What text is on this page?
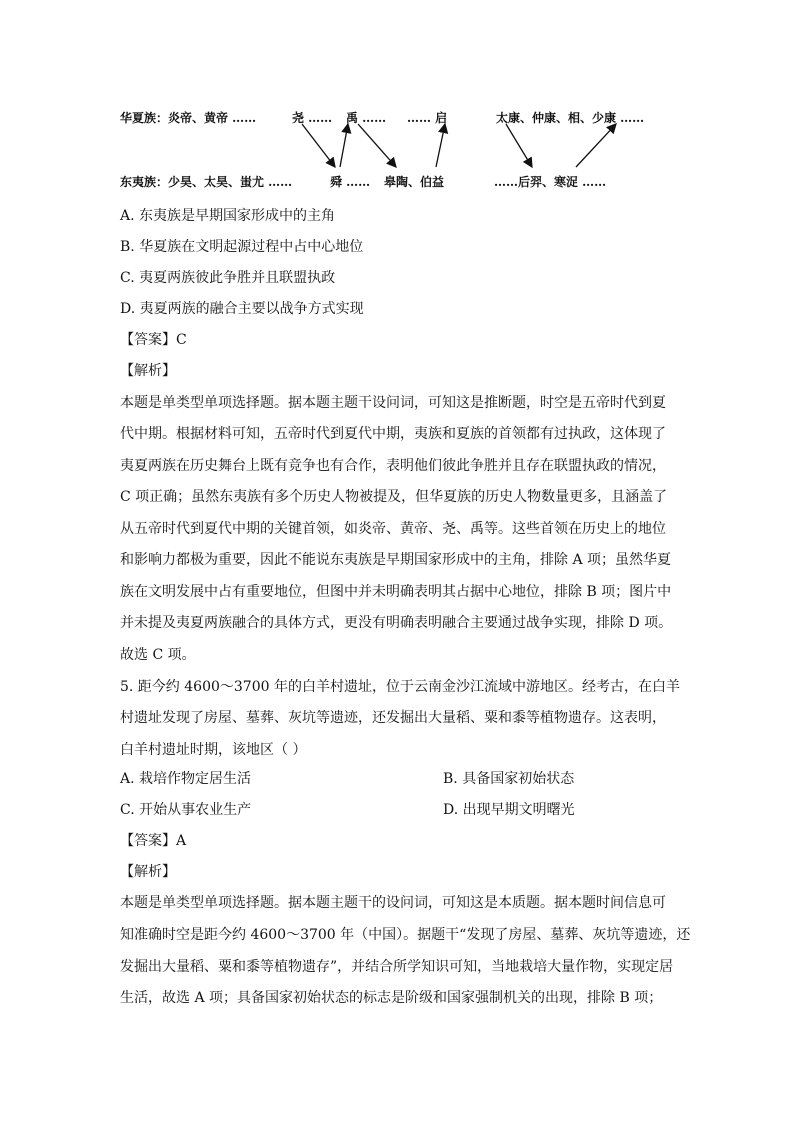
华夏族： 炎帝、黄帝 ……	尧 …… 禹 …… …… 启	太康、仲康、相、少康 ……
东夷族： 少昊、太昊、蚩尤 ……	舜 …… 皋陶、伯益	……后羿、寒浞 ……
A. 东夷族是早期国家形成中的主角
B. 华夏族在文明起源过程中占中心地位
C. 夷夏两族彼此争胜并且联盟执政
D. 夷夏两族的融合主要以战争方式实现
【答案】C
【解析】
本题是单类型单项选择题。据本题主题干设问词，可知这是推断题，时空是五帝时代到夏
代中期。根据材料可知，五帝时代到夏代中期，夷族和夏族的首领都有过执政，这体现了
夷夏两族在历史舞台上既有竞争也有合作，表明他们彼此争胜并且存在联盟执政的情况，
C 项正确；虽然东夷族有多个历史人物被提及，但华夏族的历史人物数量更多，且涵盖了
从五帝时代到夏代中期的关键首领，如炎帝、黄帝、尧、禹等。这些首领在历史上的地位
和影响力都极为重要，因此不能说东夷族是早期国家形成中的主角，排除 A 项；虽然华夏
族在文明发展中占有重要地位，但图中并未明确表明其占据中心地位，排除 B 项；图片中
并未提及夷夏两族融合的具体方式，更没有明确表明融合主要通过战争实现，排除 D 项。
故选 C 项。
5. 距今约 4600～3700 年的白羊村遗址，位于云南金沙江流域中游地区。经考古，在白羊
村遗址发现了房屋、墓葬、灰坑等遗迹，还发掘出大量稻、粟和黍等植物遗存。这表明，
白羊村遗址时期，该地区（ ）
A. 栽培作物定居生活	B. 具备国家初始状态
C. 开始从事农业生产	D. 出现早期文明曙光
【答案】A
【解析】
本题是单类型单项选择题。据本题主题干的设问词，可知这是本质题。据本题时间信息可
知准确时空是距今约 4600～3700 年（中国）。据题干“发现了房屋、墓葬、灰坑等遗迹，还
发掘出大量稻、粟和黍等植物遗存”，并结合所学知识可知，当地栽培大量作物，实现定居
生活，故选 A 项；具备国家初始状态的标志是阶级和国家强制机关的出现，排除 B 项；
